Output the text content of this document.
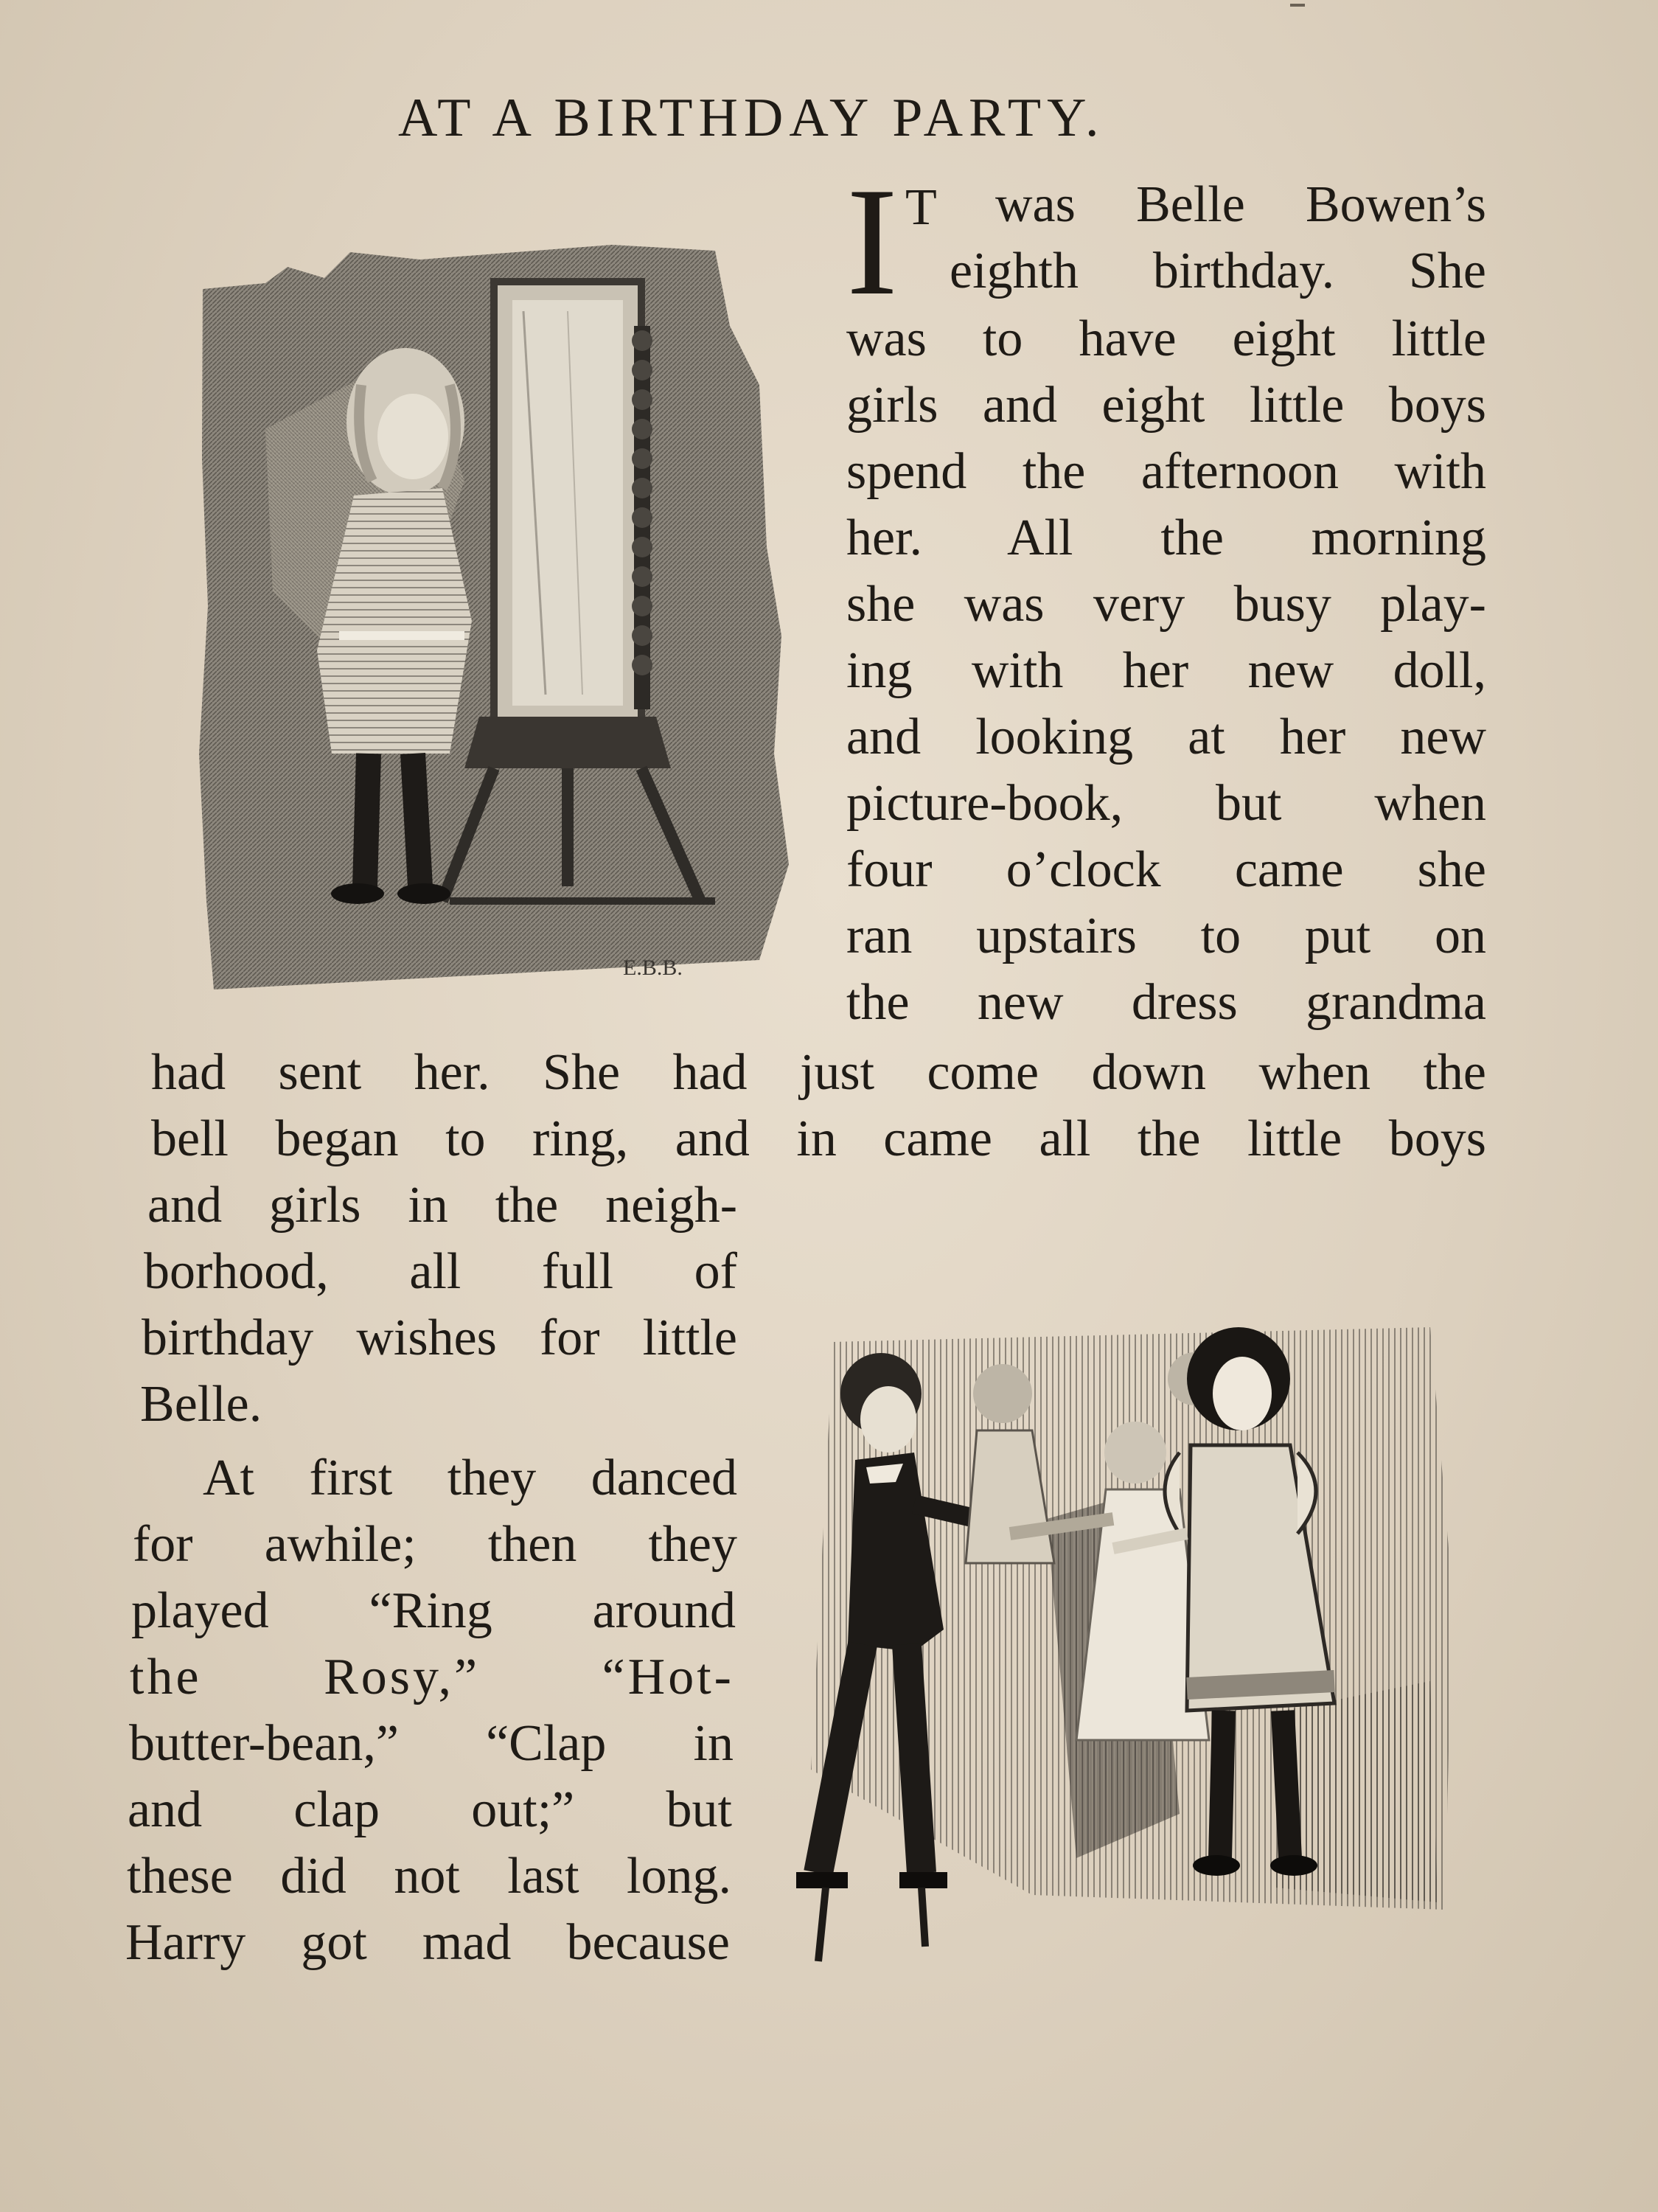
AT A BIRTHDAY PARTY.

I T was Belle Bowen’s

eighth birthday. She

was to have eight little

girls and eight little boys

spend the afternoon with

her. All the morning

she was very busy play-

ing with her new doll,

and looking at her new

picture-book, but when

four o’clock came she

ran upstairs to put on

the new dress grandma

had sent her. She had just come down when the

bell began to ring, and in came all the little boys

and girls in the neigh-

borhood, all full of

birthday wishes for little

Belle.

At first they danced

for awhile; then they

played “Ring around

the Rosy,” “Hot-

butter-bean,” “Clap in

and clap out;” but

these did not last long.

Harry got mad because

E.B.B.
